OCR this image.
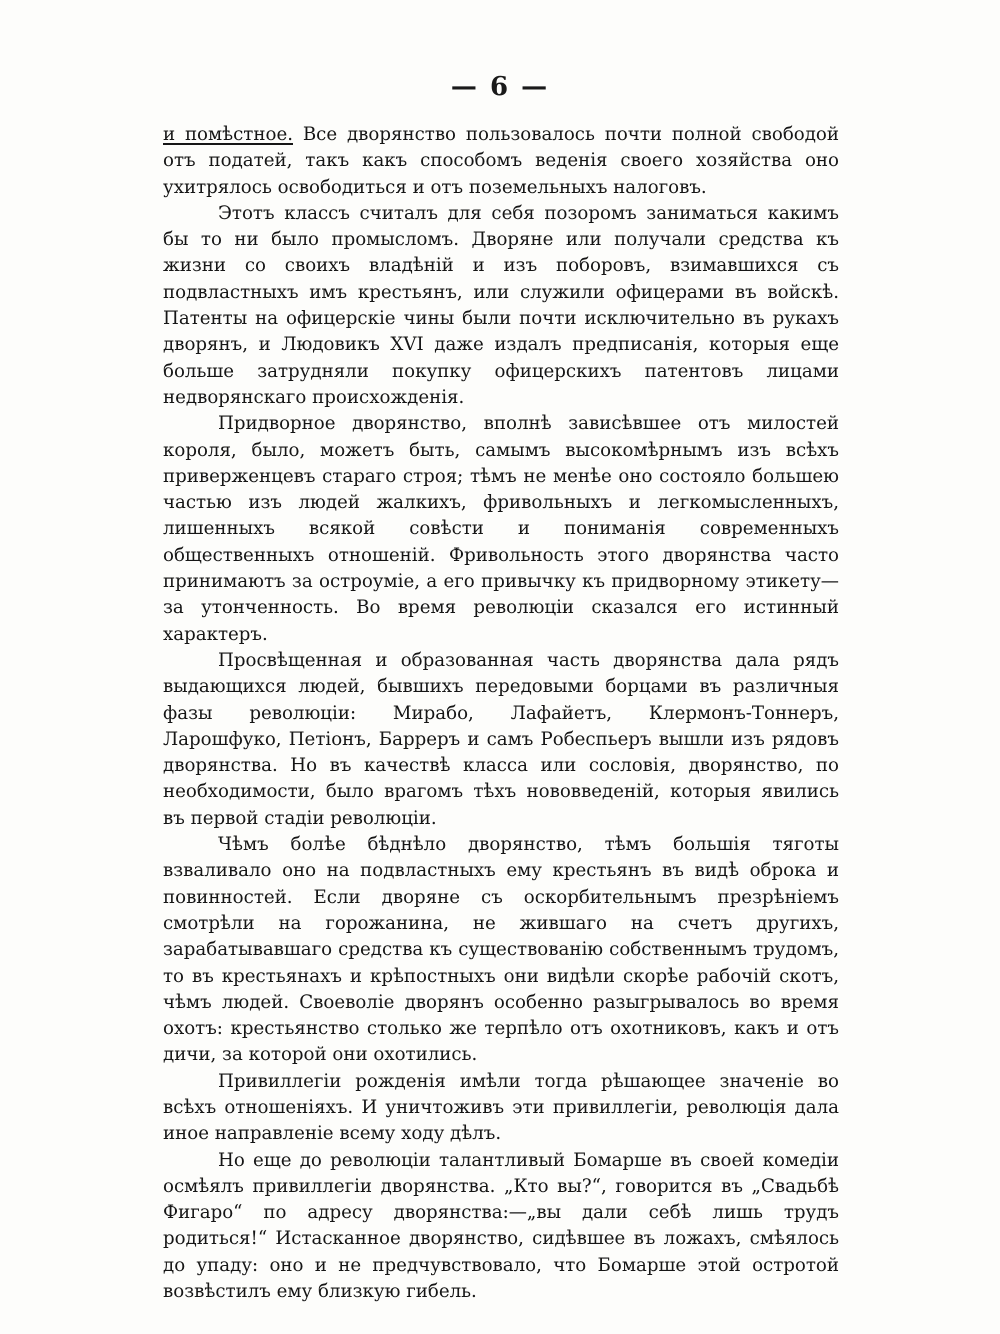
— 6 —

и помѣстное. Все дворянство пользовалось почти полной свободой отъ податей, такъ какъ способомъ веденія своего хозяйства оно ухитрялось освободиться и отъ поземельныхъ налоговъ.

Этотъ классъ считалъ для себя позоромъ заниматься какимъ бы то ни было промысломъ. Дворяне или получали средства къ жизни со своихъ владѣній и изъ поборовъ, взимавшихся съ подвластныхъ имъ крестьянъ, или служили офицерами въ войскѣ. Патенты на офицерскіе чины были почти исключительно въ рукахъ дворянъ, и Людовикъ XVI даже издалъ предписанія, которыя еще больше затрудняли покупку офицерскихъ патентовъ лицами недворянскаго происхожденія.

Придворное дворянство, вполнѣ зависѣвшее отъ милостей короля, было, можетъ быть, самымъ высокомѣрнымъ изъ всѣхъ приверженцевъ стараго строя; тѣмъ не менѣе оно состояло большею частью изъ людей жалкихъ, фривольныхъ и легкомысленныхъ, лишенныхъ всякой совѣсти и пониманія современныхъ общественныхъ отношеній. Фривольность этого дворянства часто принимаютъ за остроуміе, а его привычку къ придворному этикету—за утонченность. Во время революціи сказался его истинный характеръ.

Просвѣщенная и образованная часть дворянства дала рядъ выдающихся людей, бывшихъ передовыми борцами въ различныя фазы революціи: Мирабо, Лафайетъ, Клермонъ-Тоннеръ, Ларошфуко, Петіонъ, Барреръ и самъ Робеспьеръ вышли изъ рядовъ дворянства. Но въ качествѣ класса или сословія, дворянство, по необходимости, было врагомъ тѣхъ нововведеній, которыя явились въ первой стадіи революціи.

Чѣмъ болѣе бѣднѣло дворянство, тѣмъ большія тяготы взваливало оно на подвластныхъ ему крестьянъ въ видѣ оброка и повинностей. Если дворяне съ оскорбительнымъ презрѣніемъ смотрѣли на горожанина, не жившаго на счетъ другихъ, зарабатывавшаго средства къ существованію собственнымъ трудомъ, то въ крестьянахъ и крѣпостныхъ они видѣли скорѣе рабочій скотъ, чѣмъ людей. Своеволіе дворянъ особенно разыгрывалось во время охотъ: крестьянство столько же терпѣло отъ охотниковъ, какъ и отъ дичи, за которой они охотились.

Привиллегіи рожденія имѣли тогда рѣшающее значеніе во всѣхъ отношеніяхъ. И уничтоживъ эти привиллегіи, революція дала иное направленіе всему ходу дѣлъ.

Но еще до революціи талантливый Бомарше въ своей комедіи осмѣялъ привиллегіи дворянства. „Кто вы?“, говорится въ „Свадьбѣ Фигаро“ по адресу дворянства:—„вы дали себѣ лишь трудъ родиться!“ Истасканное дворянство, сидѣвшее въ ложахъ, смѣялось до упаду: оно и не предчувствовало, что Бомарше этой остротой возвѣстилъ ему близкую гибель.
